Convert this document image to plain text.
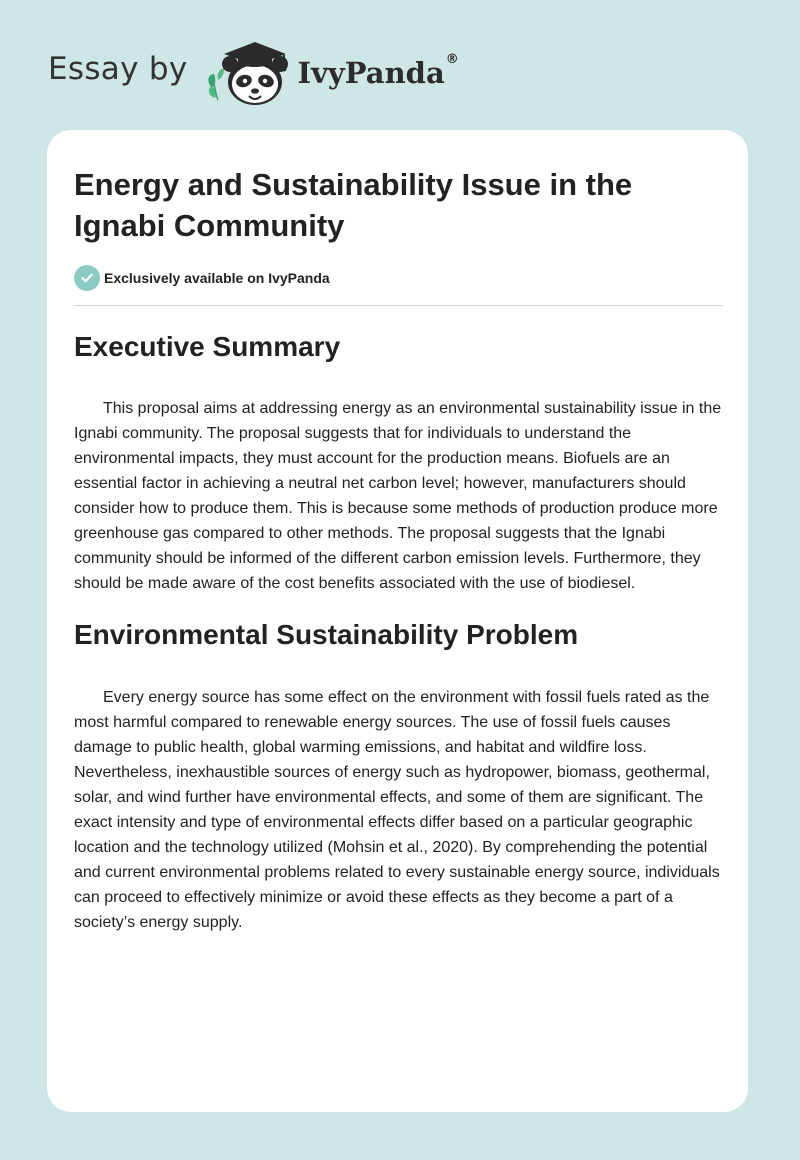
Essay by	IvyPanda®
Energy and Sustainability Issue in the Ignabi Community
Exclusively available on IvyPanda
Executive Summary

This proposal aims at addressing energy as an environmental sustainability issue in the Ignabi community. The proposal suggests that for individuals to understand the environmental impacts, they must account for the production means. Biofuels are an essential factor in achieving a neutral net carbon level; however, manufacturers should consider how to produce them. This is because some methods of production produce more greenhouse gas compared to other methods. The proposal suggests that the Ignabi community should be informed of the different carbon emission levels. Furthermore, they should be made aware of the cost benefits associated with the use of biodiesel.

Environmental Sustainability Problem

Every energy source has some effect on the environment with fossil fuels rated as the most harmful compared to renewable energy sources. The use of fossil fuels causes damage to public health, global warming emissions, and habitat and wildfire loss. Nevertheless, inexhaustible sources of energy such as hydropower, biomass, geothermal, solar, and wind further have environmental effects, and some of them are significant. The exact intensity and type of environmental effects differ based on a particular geographic location and the technology utilized (Mohsin et al., 2020). By comprehending the potential and current environmental problems related to every sustainable energy source, individuals can proceed to effectively minimize or avoid these effects as they become a part of a society’s energy supply.
